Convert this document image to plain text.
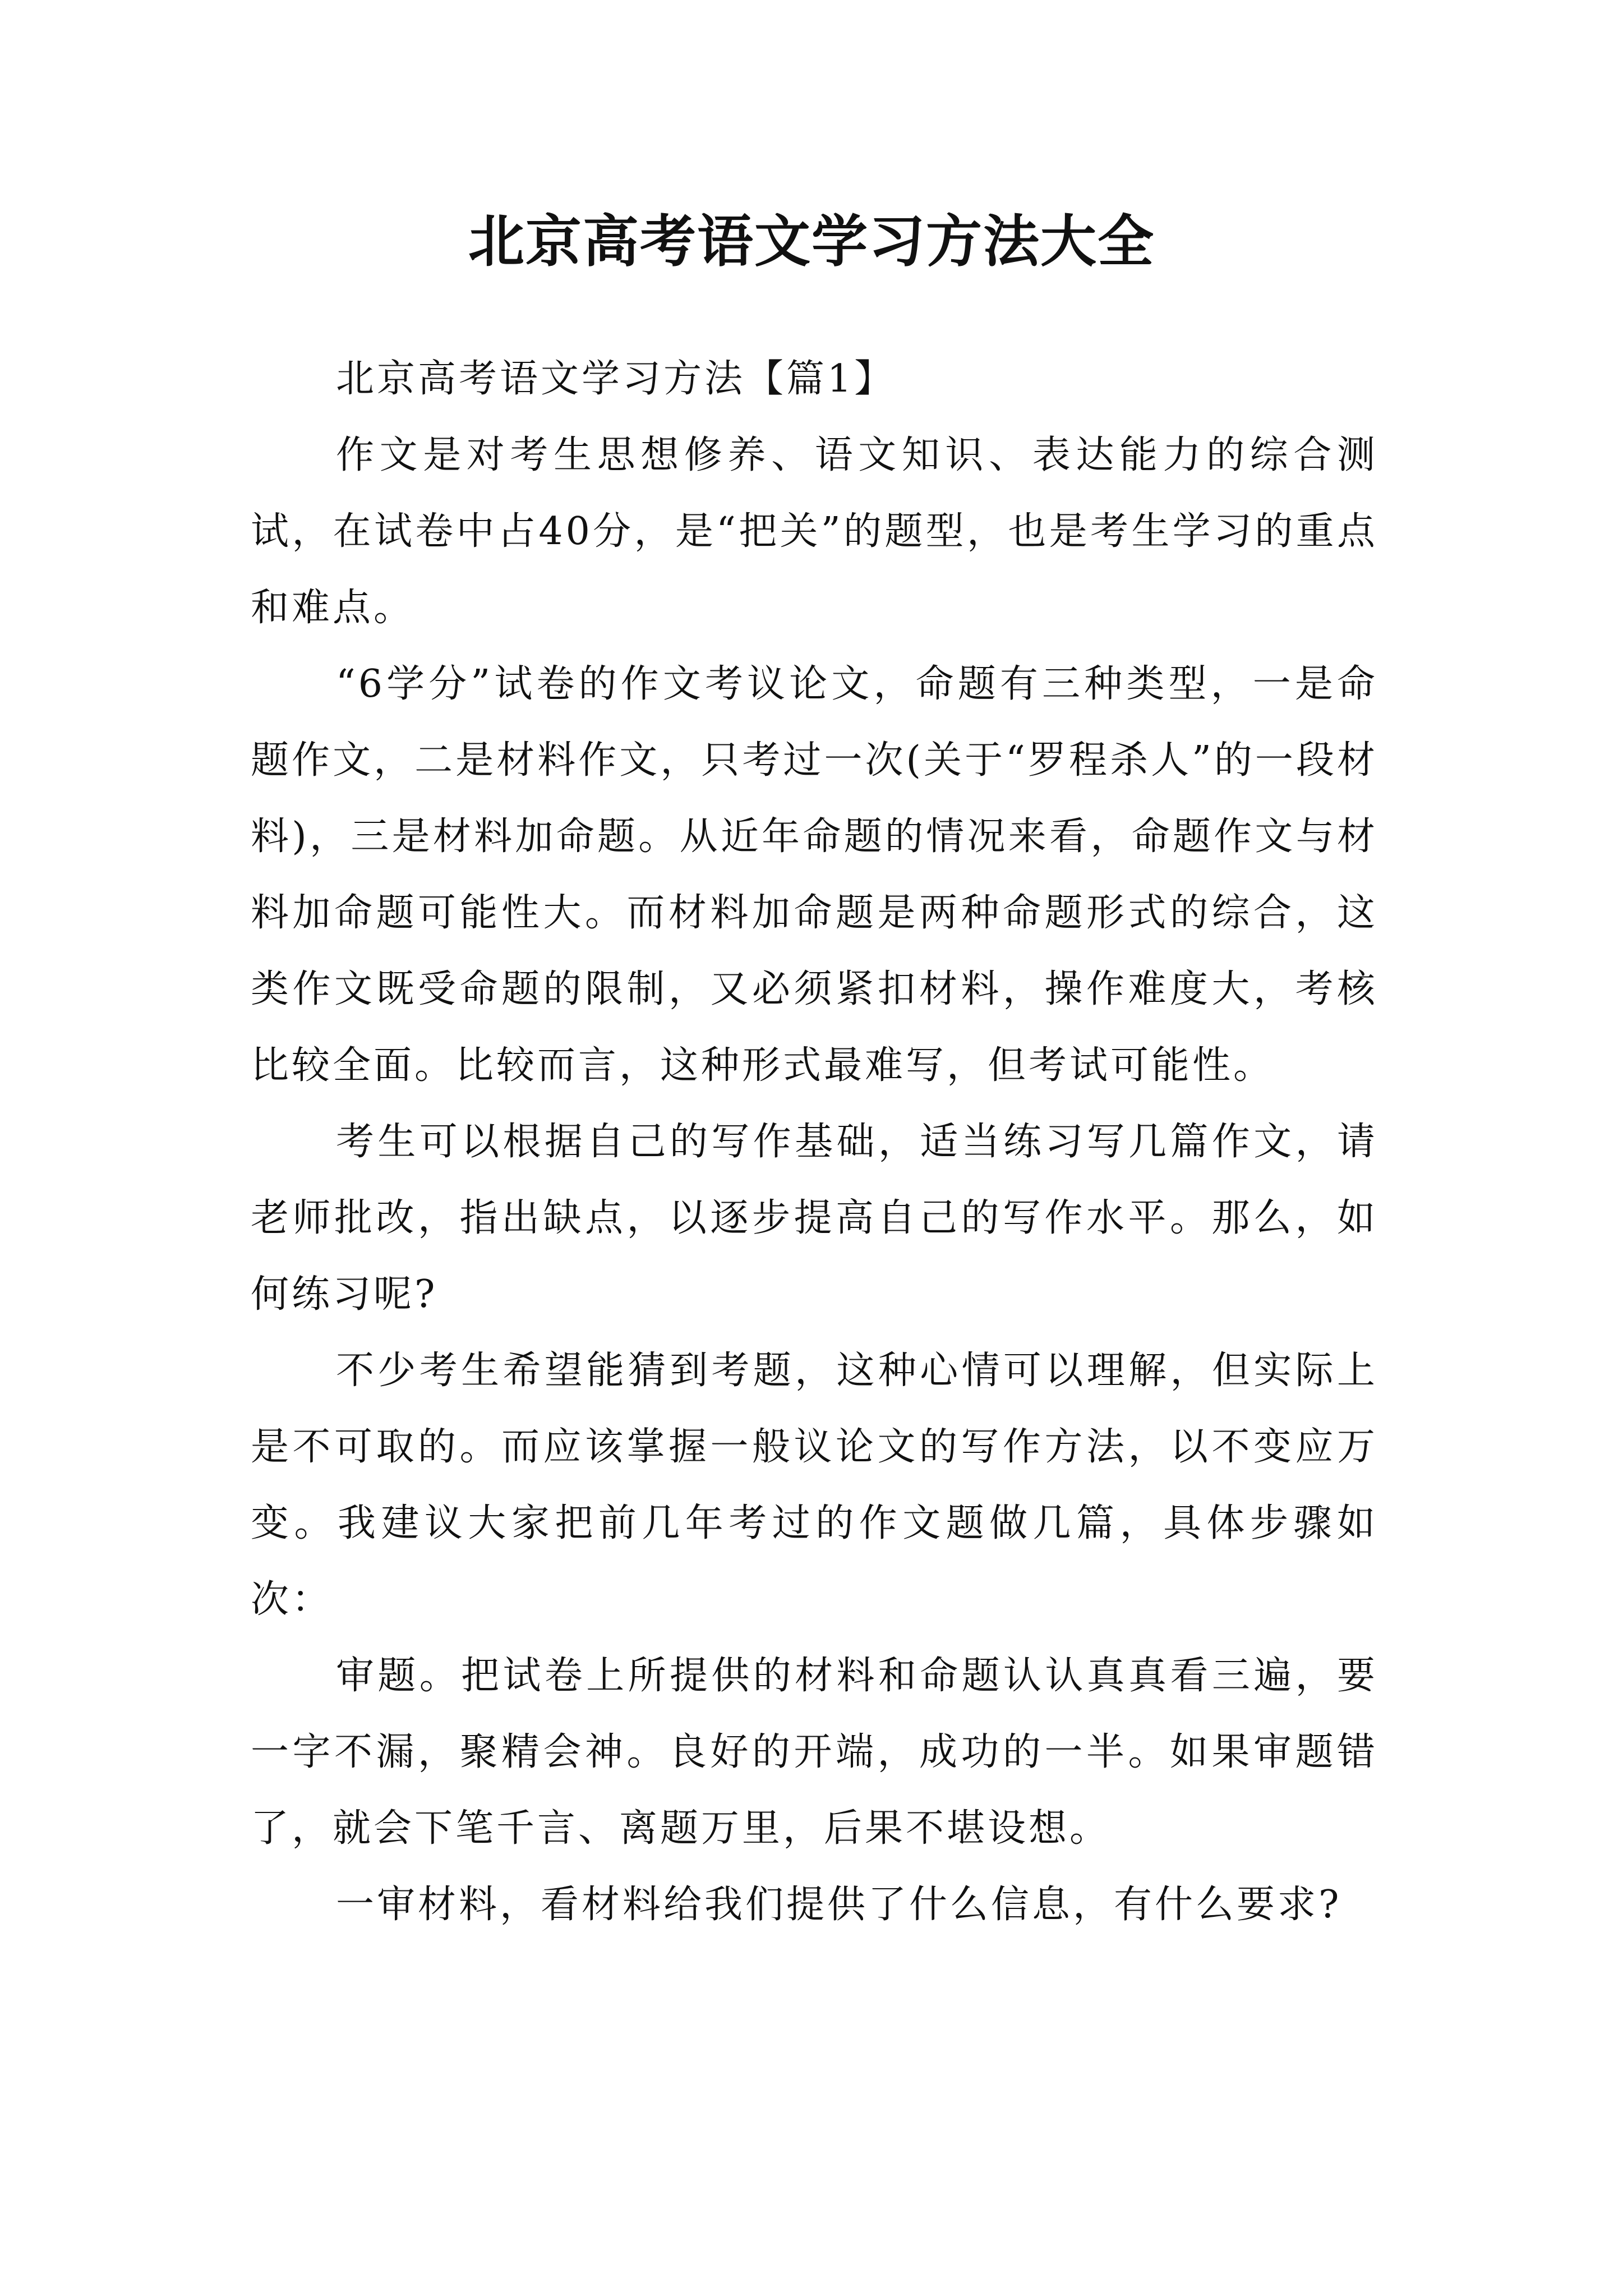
北京高考语文学习方法大全

北京高考语文学习方法【篇1】

作文是对考生思想修养、语文知识、表达能力的综合测试，在试卷中占40分，是“把关”的题型，也是考生学习的重点和难点。

“6学分”试卷的作文考议论文，命题有三种类型，一是命题作文，二是材料作文，只考过一次(关于“罗程杀人”的一段材料)，三是材料加命题。从近年命题的情况来看，命题作文与材料加命题可能性大。而材料加命题是两种命题形式的综合，这类作文既受命题的限制，又必须紧扣材料，操作难度大，考核比较全面。比较而言，这种形式最难写，但考试可能性。

考生可以根据自己的写作基础，适当练习写几篇作文，请老师批改，指出缺点，以逐步提高自己的写作水平。那么，如何练习呢?

不少考生希望能猜到考题，这种心情可以理解，但实际上是不可取的。而应该掌握一般议论文的写作方法，以不变应万变。我建议大家把前几年考过的作文题做几篇，具体步骤如次：

审题。把试卷上所提供的材料和命题认认真真看三遍，要一字不漏，聚精会神。良好的开端，成功的一半。如果审题错了，就会下笔千言、离题万里，后果不堪设想。

一审材料，看材料给我们提供了什么信息，有什么要求?
